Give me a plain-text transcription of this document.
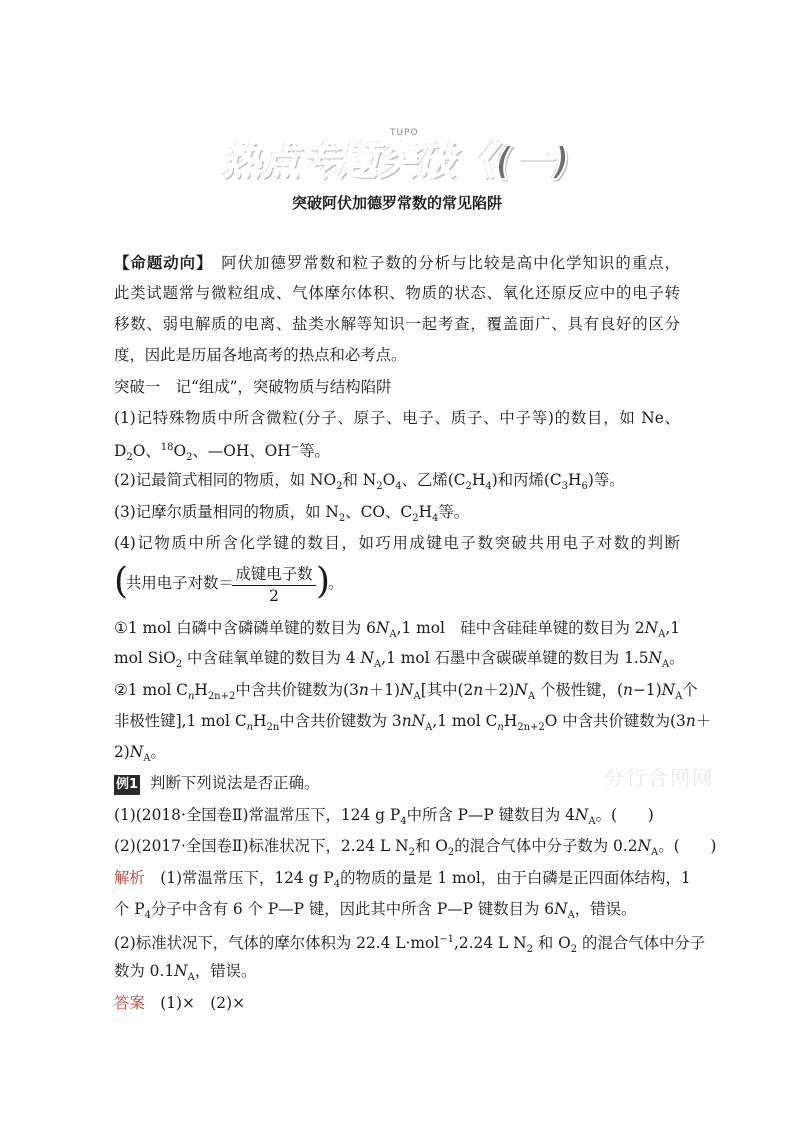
热点专题突破《(一)
TUPO
突破阿伏加德罗常数的常见陷阱
【命题动向】　 阿伏加德罗常数和粒子数的分析与比较是高中化学知识的重点，
此类试题常与微粒组成、气体摩尔体积、物质的状态、氧化还原反应中的电子转
移数、弱电解质的电离、盐类水解等知识一起考查，覆盖面广、具有良好的区分
度，因此是历届各地高考的热点和必考点。
突破一　记“组成”，突破物质与结构陷阱
(1)记特殊物质中所含微粒(分子、原子、电子、质子、中子等)的数目，如 Ne、
$D_2O$、$^{18}O_2$、—OH、OH−等。
(2)记最简式相同的物质，如 $NO_2$和 $N_2O_4$、乙烯$(C_2H_4)$和丙烯$(C_3H_6)$等。
(3)记摩尔质量相同的物质，如 $N_2$、CO、$C_2H_4$等。
(4)记物质中所含化学键的数目，如巧用成键电子数突破共用电子对数的判断
(
共用电子对数＝ 成键电子数
2	)
。
①1 mol 白磷中含磷磷单键的数目为 $6N_A,1$ mol　硅中含硅硅单键的数目为 $2N_A,1$
mol SiO$_2$ 中含硅氧单键的数目为 4 $N_A,1$ mol 石墨中含碳碳单键的数目为 $1.5N_A$。
②1 mol $C_nH_{2n+2}$中含共价键数为$(3n+1)N_A$[其中$(2n+2)N_A$ 个极性键，$(n-1)N_A$个
非极性键],1 mol $C_nH_{2n}$中含共价键数为 $3nN_A,1$ mol $C_nH_{2n+2}O$ 中含共价键数为(3n＋
$2)N_A$。
例1 判断下列说法是否正确。	分行合网网
(1)(2018·全国卷Ⅱ)常温常压下，124 g $P_4$中所含 P—P 键数目为 $4N_A$。(　　)
(2)(2017·全国卷Ⅱ)标准状况下，2.24 L $N_2$和 $O_2$的混合气体中分子数为 $0.2N_A$。(　　)
解析　(1)常温常压下，124 g $P_4$的物质的量是 1 mol，由于白磷是正四面体结构，1
个 $P_4$分子中含有 6 个 P—P 键，因此其中所含 P—P 键数目为 $6N_A$，错误。
(2)标准状况下，气体的摩尔体积为 22.4 L·mol$^{-1}$,2.24 L $N_2$ 和 $O_2$ 的混合气体中分子
数为 $0.1N_A$，错误。
答案　(1)×　(2)×
